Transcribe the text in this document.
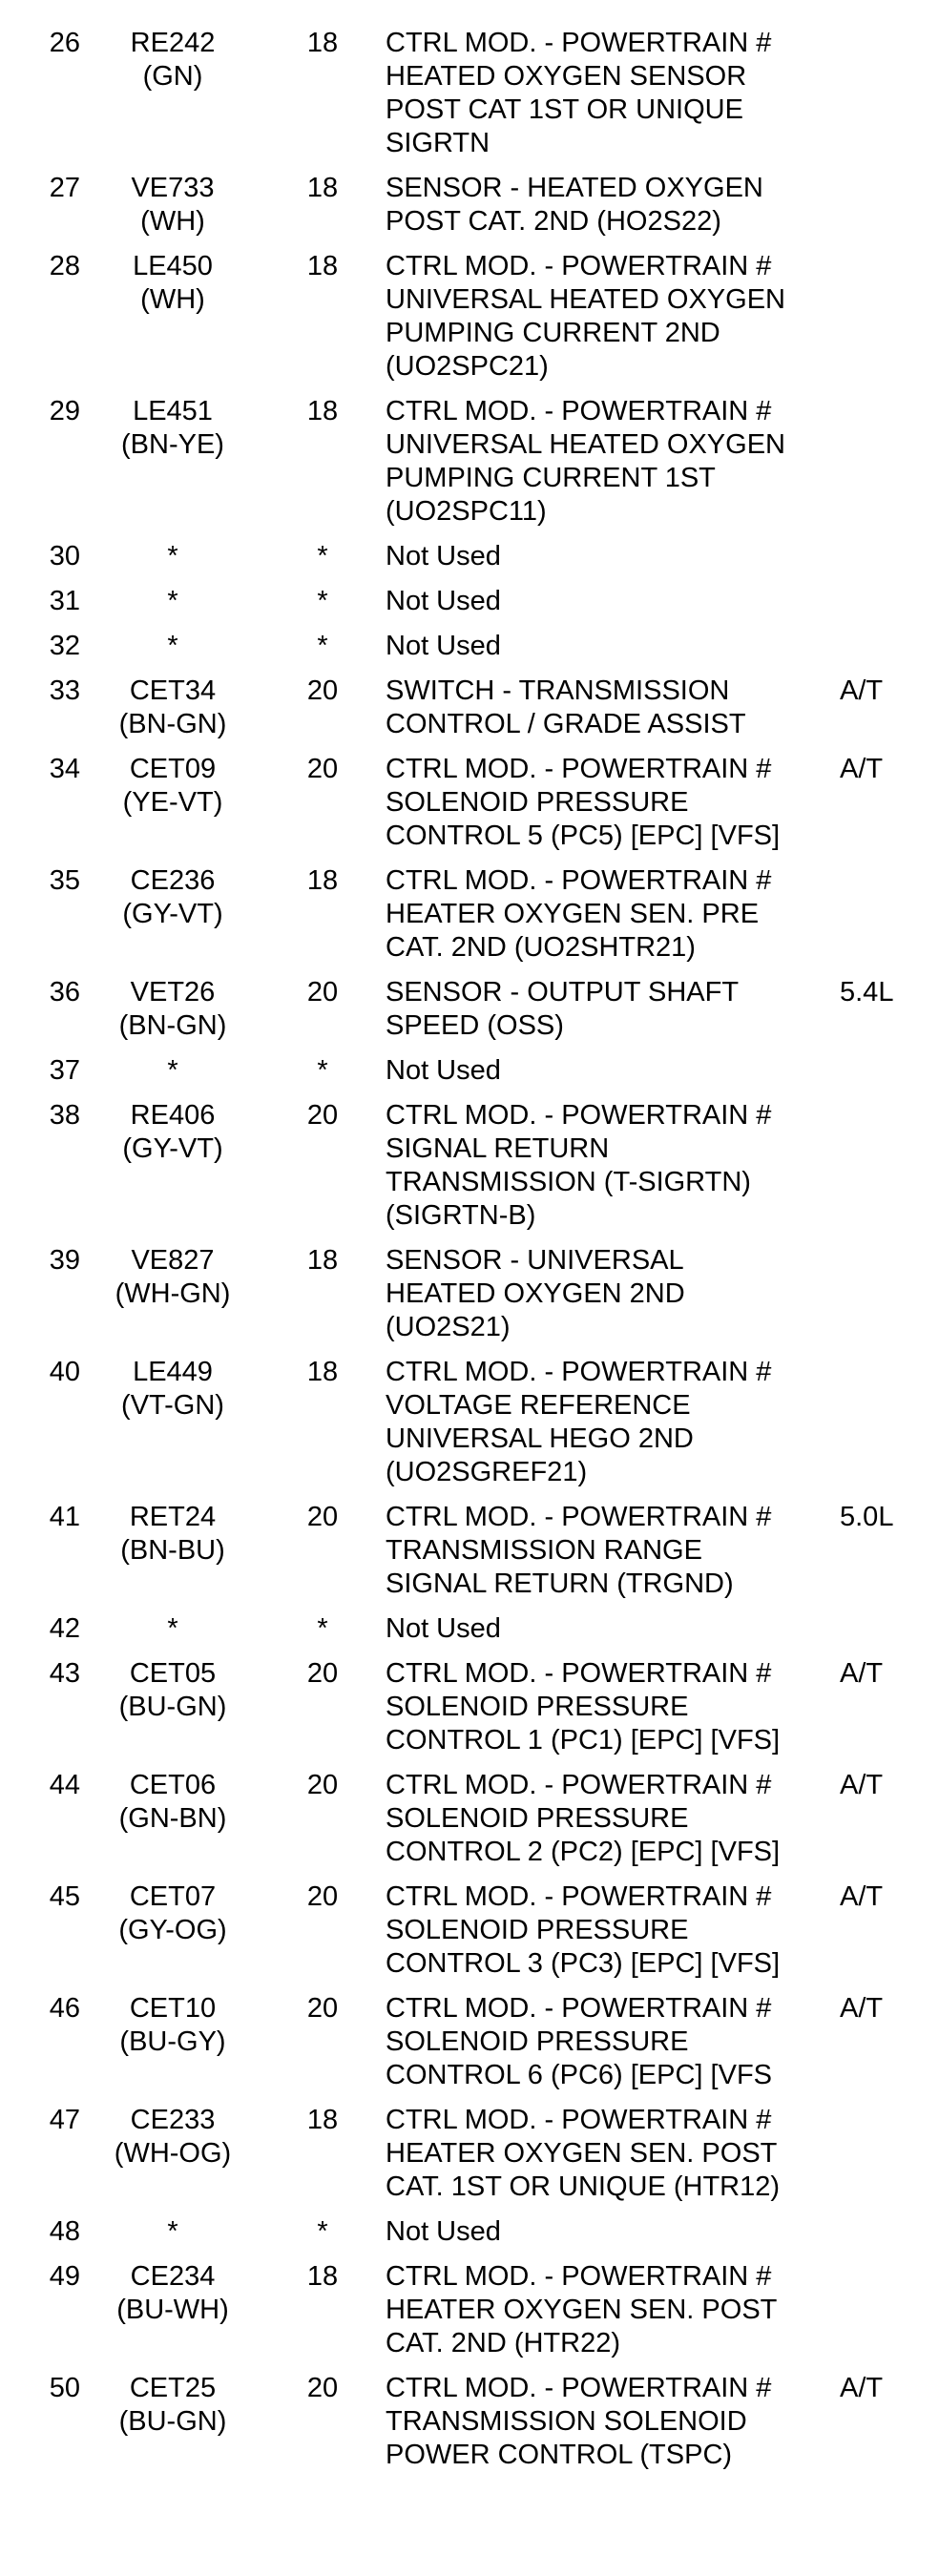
26	RE242
(GN)	18	CTRL MOD. - POWERTRAIN #
HEATED OXYGEN SENSOR
POST CAT 1ST OR UNIQUE
SIGRTN	

27	VE733
(WH)	18	SENSOR - HEATED OXYGEN
POST CAT. 2ND (HO2S22)	

28	LE450
(WH)	18	CTRL MOD. - POWERTRAIN #
UNIVERSAL HEATED OXYGEN
PUMPING CURRENT 2ND
(UO2SPC21)	

29	LE451
(BN-YE)	18	CTRL MOD. - POWERTRAIN #
UNIVERSAL HEATED OXYGEN
PUMPING CURRENT 1ST
(UO2SPC11)	

30	*	*	Not Used	

31	*	*	Not Used	

32	*	*	Not Used	

33	CET34
(BN-GN)	20	SWITCH - TRANSMISSION
CONTROL / GRADE ASSIST	A/T
34	CET09
(YE-VT)	20	CTRL MOD. - POWERTRAIN #
SOLENOID PRESSURE
CONTROL 5 (PC5) [EPC] [VFS]	A/T
35	CE236
(GY-VT)	18	CTRL MOD. - POWERTRAIN #
HEATER OXYGEN SEN. PRE
CAT. 2ND (UO2SHTR21)	

36	VET26
(BN-GN)	20	SENSOR - OUTPUT SHAFT
SPEED (OSS)	5.4L
37	*	*	Not Used	

38	RE406
(GY-VT)	20	CTRL MOD. - POWERTRAIN #
SIGNAL RETURN
TRANSMISSION (T-SIGRTN)
(SIGRTN-B)	

39	VE827
(WH-GN)	18	SENSOR - UNIVERSAL
HEATED OXYGEN 2ND
(UO2S21)	

40	LE449
(VT-GN)	18	CTRL MOD. - POWERTRAIN #
VOLTAGE REFERENCE
UNIVERSAL HEGO 2ND
(UO2SGREF21)	

41	RET24
(BN-BU)	20	CTRL MOD. - POWERTRAIN #
TRANSMISSION RANGE
SIGNAL RETURN (TRGND)	5.0L
42	*	*	Not Used	

43	CET05
(BU-GN)	20	CTRL MOD. - POWERTRAIN #
SOLENOID PRESSURE
CONTROL 1 (PC1) [EPC] [VFS]	A/T
44	CET06
(GN-BN)	20	CTRL MOD. - POWERTRAIN #
SOLENOID PRESSURE
CONTROL 2 (PC2) [EPC] [VFS]	A/T
45	CET07
(GY-OG)	20	CTRL MOD. - POWERTRAIN #
SOLENOID PRESSURE
CONTROL 3 (PC3) [EPC] [VFS]	A/T
46	CET10
(BU-GY)	20	CTRL MOD. - POWERTRAIN #
SOLENOID PRESSURE
CONTROL 6 (PC6) [EPC] [VFS	A/T
47	CE233
(WH-OG)	18	CTRL MOD. - POWERTRAIN #
HEATER OXYGEN SEN. POST
CAT. 1ST OR UNIQUE (HTR12)	

48	*	*	Not Used	

49	CE234
(BU-WH)	18	CTRL MOD. - POWERTRAIN #
HEATER OXYGEN SEN. POST
CAT. 2ND (HTR22)	

50	CET25
(BU-GN)	20	CTRL MOD. - POWERTRAIN #
TRANSMISSION SOLENOID
POWER CONTROL (TSPC)	A/T
